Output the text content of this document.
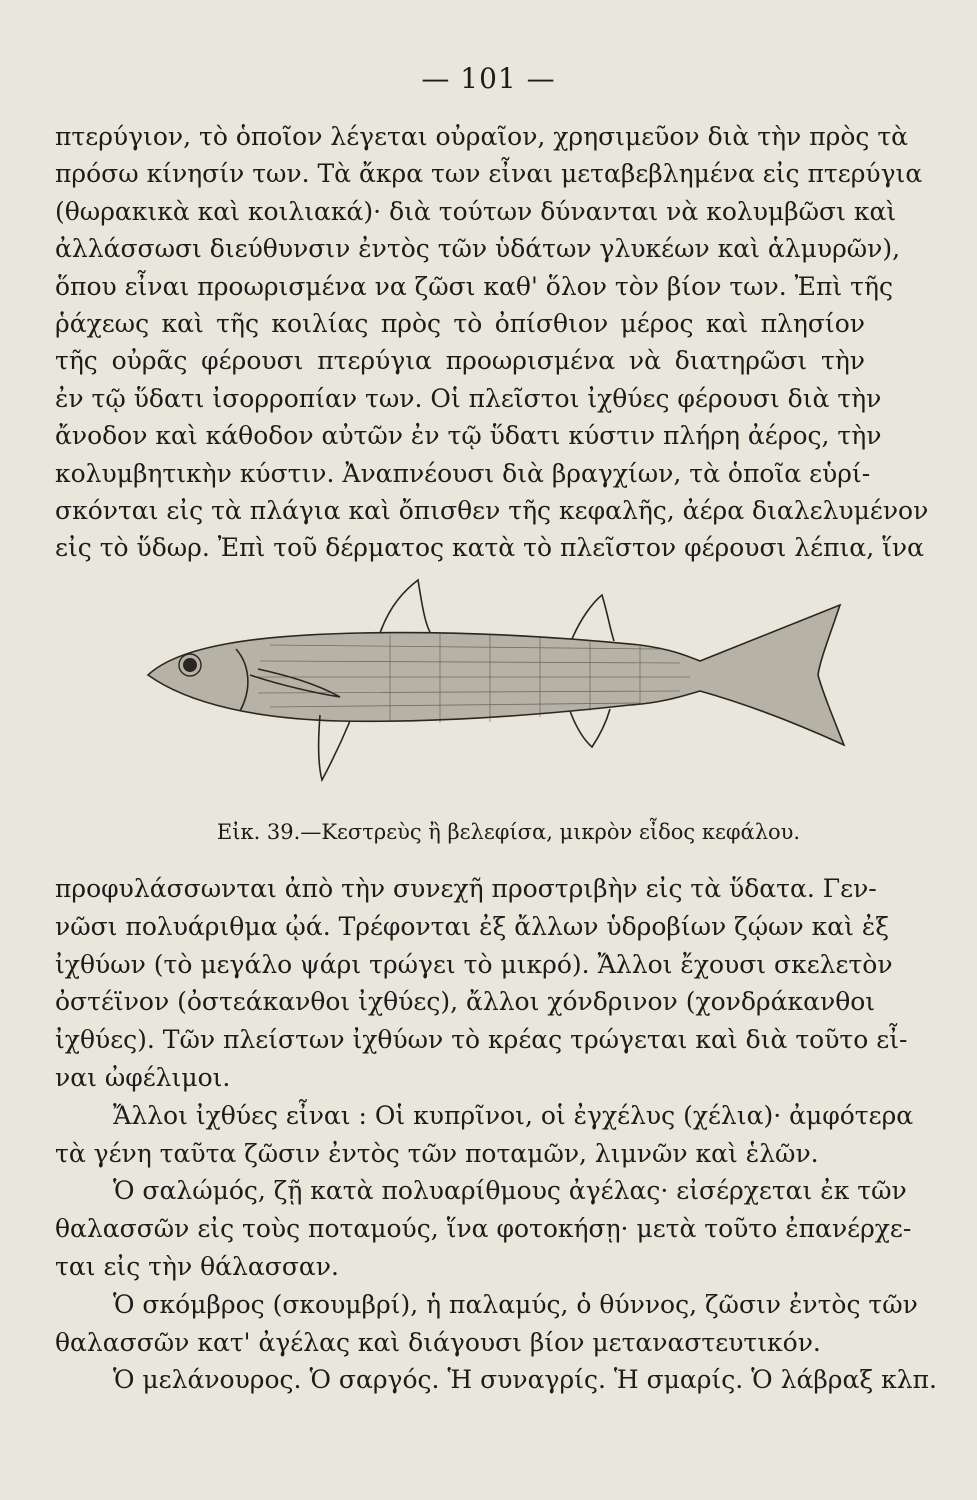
— 101 —
πτερύγιον, τὸ ὁποῖον λέγεται οὐραῖον, χρησιμεῦον διὰ τὴν πρὸς τὰ
πρόσω κίνησίν των. Τὰ ἄκρα των εἶναι μεταβεβλημένα εἰς πτερύγια
(θωρακικὰ καὶ κοιλιακά)· διὰ τούτων δύνανται νὰ κολυμβῶσι καὶ
ἀλλάσσωσι διεύθυνσιν ἐντὸς τῶν ὑδάτων γλυκέων καὶ ἁλμυρῶν),
ὅπου εἶναι προωρισμένα να ζῶσι καθ' ὅλον τὸν βίον των. Ἐπὶ τῆς
ῥάχεως καὶ τῆς κοιλίας πρὸς τὸ ὀπίσθιον μέρος καὶ πλησίον
τῆς οὐρᾶς φέρουσι πτερύγια προωρισμένα νὰ διατηρῶσι τὴν
ἐν τῷ ὕδατι ἰσορροπίαν των. Οἱ πλεῖστοι ἰχθύες φέρουσι διὰ τὴν
ἄνοδον καὶ κάθοδον αὐτῶν ἐν τῷ ὕδατι κύστιν πλήρη ἀέρος, τὴν
κολυμβητικὴν κύστιν. Ἀναπνέουσι διὰ βραγχίων, τὰ ὁποῖα εὑρί-
σκόνται εἰς τὰ πλάγια καὶ ὄπισθεν τῆς κεφαλῆς, ἀέρα διαλελυμένον
εἰς τὸ ὕδωρ. Ἐπὶ τοῦ δέρματος κατὰ τὸ πλεῖστον φέρουσι λέπια, ἵνα
Εἰκ. 39.—Κεστρεὺς ἢ βελεφίσα, μικρὸν εἶδος κεφάλου.
προφυλάσσωνται ἀπὸ τὴν συνεχῆ προστριβὴν εἰς τὰ ὕδατα. Γεν-
νῶσι πολυάριθμα ᾠά. Τρέφονται ἐξ ἄλλων ὑδροβίων ζῴων καὶ ἐξ
ἰχθύων (τὸ μεγάλο ψάρι τρώγει τὸ μικρό). Ἄλλοι ἔχουσι σκελετὸν
ὀστέϊνον (ὀστεάκανθοι ἰχθύες), ἄλλοι χόνδρινον (χονδράκανθοι
ἰχθύες). Τῶν πλείστων ἰχθύων τὸ κρέας τρώγεται καὶ διὰ τοῦτο εἶ-
ναι ὠφέλιμοι.
Ἄλλοι ἰχθύες εἶναι : Οἱ κυπρῖνοι, οἱ ἐγχέλυς (χέλια)· ἀμφότερα
τὰ γένη ταῦτα ζῶσιν ἐντὸς τῶν ποταμῶν, λιμνῶν καὶ ἑλῶν.
Ὁ σαλώμός, ζῇ κατὰ πολυαρίθμους ἀγέλας· εἰσέρχεται ἐκ τῶν
θαλασσῶν εἰς τοὺς ποταμούς, ἵνα φοτοκήσῃ· μετὰ τοῦτο ἐπανέρχε-
ται εἰς τὴν θάλασσαν.
Ὁ σκόμβρος (σκουμβρί), ἡ παλαμύς, ὁ θύννος, ζῶσιν ἐντὸς τῶν
θαλασσῶν κατ' ἀγέλας καὶ διάγουσι βίον μεταναστευτικόν.
Ὁ μελάνουρος. Ὁ σαργός. Ἡ συναγρίς. Ἡ σμαρίς. Ὁ λάβραξ κλπ.
